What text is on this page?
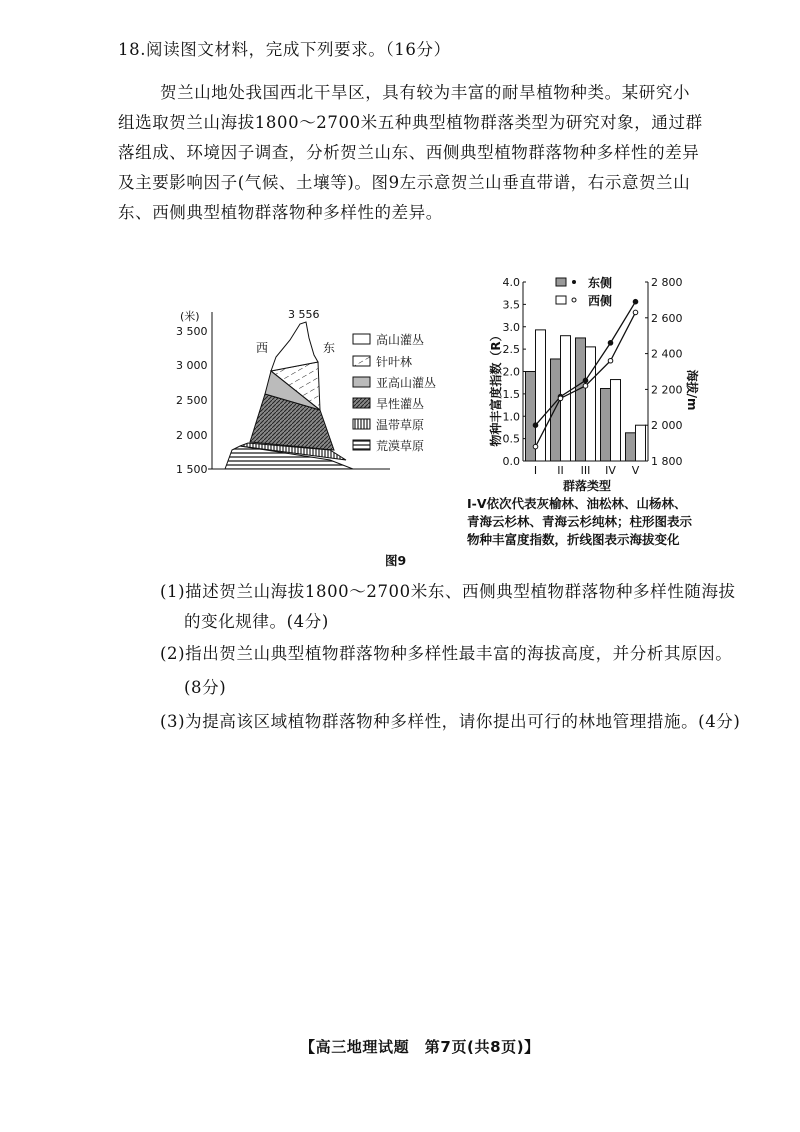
18.阅读图文材料，完成下列要求。（16分）
贺兰山地处我国西北干旱区，具有较为丰富的耐旱植物种类。某研究小
组选取贺兰山海拔1800～2700米五种典型植物群落类型为研究对象，通过群
落组成、环境因子调查，分析贺兰山东、西侧典型植物群落物种多样性的差异
及主要影响因子(气候、土壤等)。图9左示意贺兰山垂直带谱，右示意贺兰山
东、西侧典型植物群落物种多样性的差异。
(米)
3 500
3 000
2 500
2 000
1 500
3 556
西	东
高山灌丛
针叶林
亚高山灌丛
旱性灌丛
温带草原
荒漠草原	物种丰富度指数（R）	海拔/m
群落类型
东侧
西侧
0.0
0.5
1.0
1.5
2.0
2.5
3.0
3.5
4.0
1 800
2 000
2 200
2 400
2 600
2 800
I II III IV V
Ⅰ-Ⅴ依次代表灰榆林、油松林、山杨林、
青海云杉林、青海云杉纯林；柱形图表示
物种丰富度指数，折线图表示海拔变化
图9
(1)描述贺兰山海拔1800～2700米东、西侧典型植物群落物种多样性随海拔
的变化规律。(4分)
(2)指出贺兰山典型植物群落物种多样性最丰富的海拔高度，并分析其原因。
(8分)
(3)为提高该区域植物群落物种多样性，请你提出可行的林地管理措施。(4分)
【高三地理试题　第7页(共8页)】
